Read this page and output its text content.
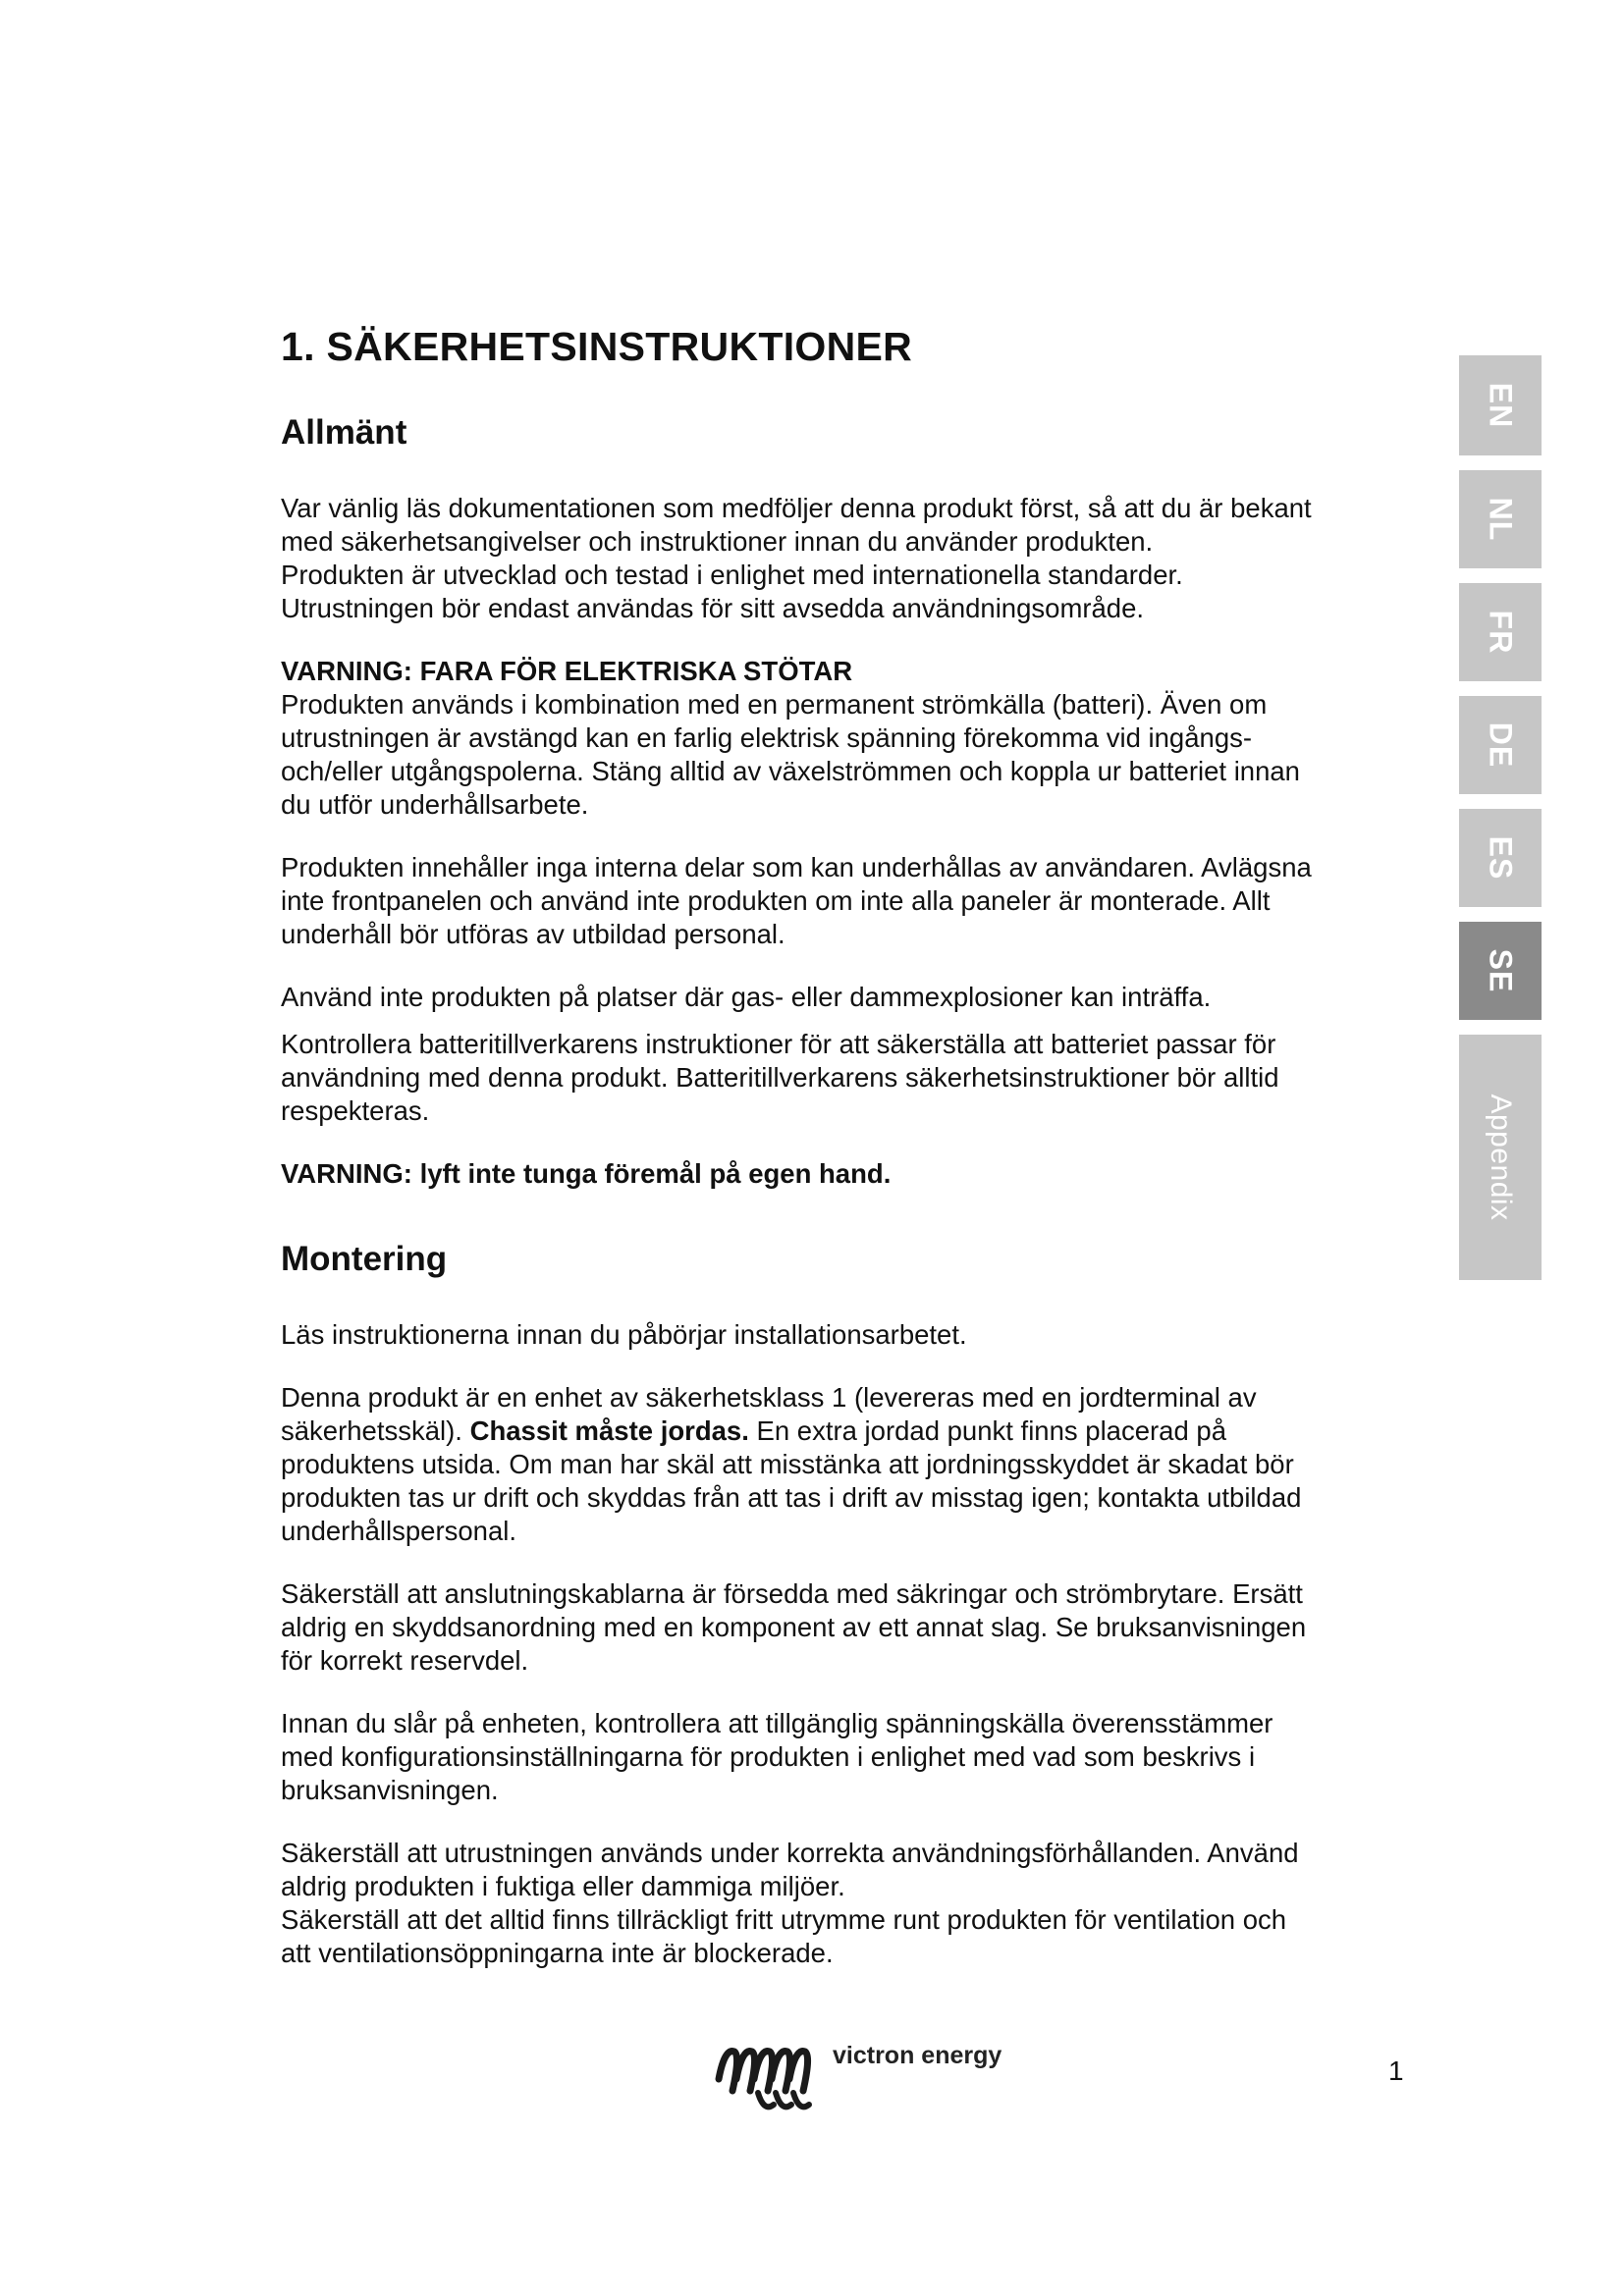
1. SÄKERHETSINSTRUKTIONER
Allmänt

Var vänlig läs dokumentationen som medföljer denna produkt först, så att du är bekant
med säkerhetsangivelser och instruktioner innan du använder produkten.
Produkten är utvecklad och testad i enlighet med internationella standarder.
Utrustningen bör endast användas för sitt avsedda användningsområde.

VARNING: FARA FÖR ELEKTRISKA STÖTAR

Produkten används i kombination med en permanent strömkälla (batteri). Även om
utrustningen är avstängd kan en farlig elektrisk spänning förekomma vid ingångs-
och/eller utgångspolerna. Stäng alltid av växelströmmen och koppla ur batteriet innan
du utför underhållsarbete.

Produkten innehåller inga interna delar som kan underhållas av användaren. Avlägsna
inte frontpanelen och använd inte produkten om inte alla paneler är monterade. Allt
underhåll bör utföras av utbildad personal.

Använd inte produkten på platser där gas- eller dammexplosioner kan inträffa.

Kontrollera batteritillverkarens instruktioner för att säkerställa att batteriet passar för
användning med denna produkt. Batteritillverkarens säkerhetsinstruktioner bör alltid
respekteras.

VARNING: lyft inte tunga föremål på egen hand.

Montering

Läs instruktionerna innan du påbörjar installationsarbetet.

Denna produkt är en enhet av säkerhetsklass 1 (levereras med en jordterminal av
säkerhetsskäl). Chassit måste jordas. En extra jordad punkt finns placerad på
produktens utsida. Om man har skäl att misstänka att jordningsskyddet är skadat bör
produkten tas ur drift och skyddas från att tas i drift av misstag igen; kontakta utbildad
underhållspersonal.

Säkerställ att anslutningskablarna är försedda med säkringar och strömbrytare. Ersätt
aldrig en skyddsanordning med en komponent av ett annat slag. Se bruksanvisningen
för korrekt reservdel.

Innan du slår på enheten, kontrollera att tillgänglig spänningskälla överensstämmer
med konfigurationsinställningarna för produkten i enlighet med vad som beskrivs i
bruksanvisningen.

Säkerställ att utrustningen används under korrekta användningsförhållanden. Använd
aldrig produkten i fuktiga eller dammiga miljöer.
Säkerställ att det alltid finns tillräckligt fritt utrymme runt produkten för ventilation och
att ventilationsöppningarna inte är blockerade.

EN
NL
FR
DE
ES
SE
Appendix
victron energy	1
